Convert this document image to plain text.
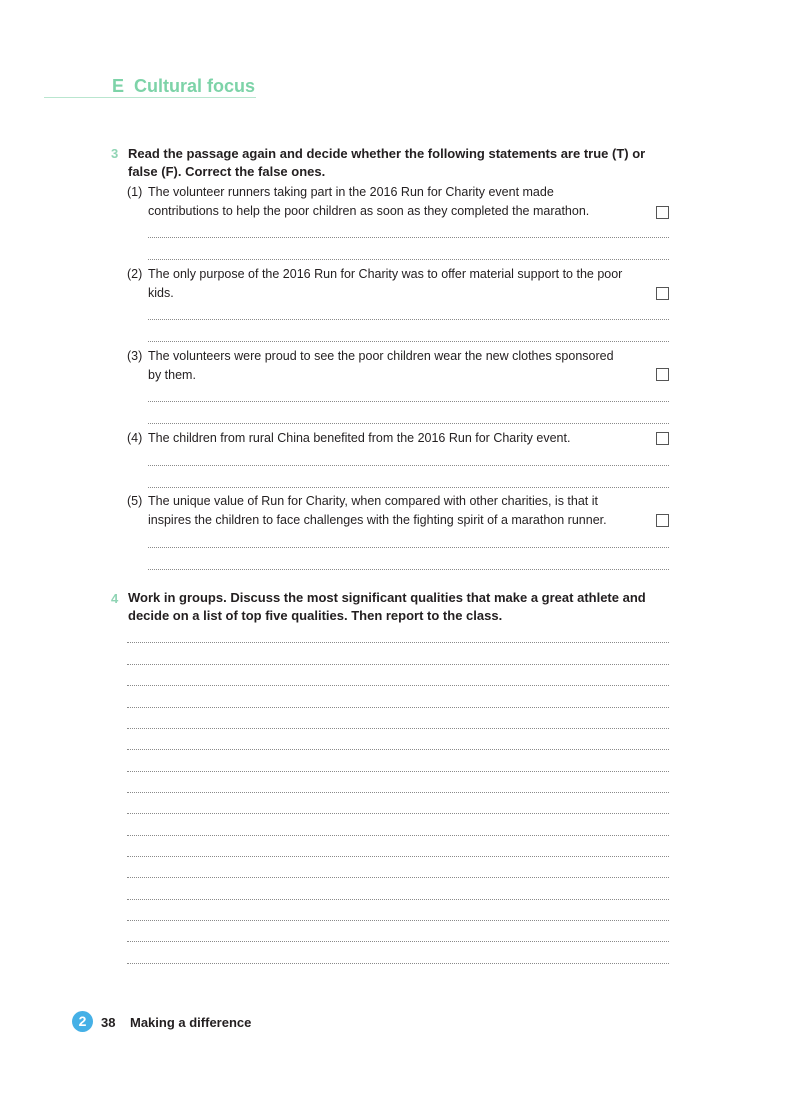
E Cultural focus
3 Read the passage again and decide whether the following statements are true (T) or false (F). Correct the false ones.
(1) The volunteer runners taking part in the 2016 Run for Charity event made contributions to help the poor children as soon as they completed the marathon.
(2) The only purpose of the 2016 Run for Charity was to offer material support to the poor kids.
(3) The volunteers were proud to see the poor children wear the new clothes sponsored by them.
(4) The children from rural China benefited from the 2016 Run for Charity event.
(5) The unique value of Run for Charity, when compared with other charities, is that it inspires the children to face challenges with the fighting spirit of a marathon runner.
4 Work in groups. Discuss the most significant qualities that make a great athlete and decide on a list of top five qualities. Then report to the class.
2	38 Making a difference
